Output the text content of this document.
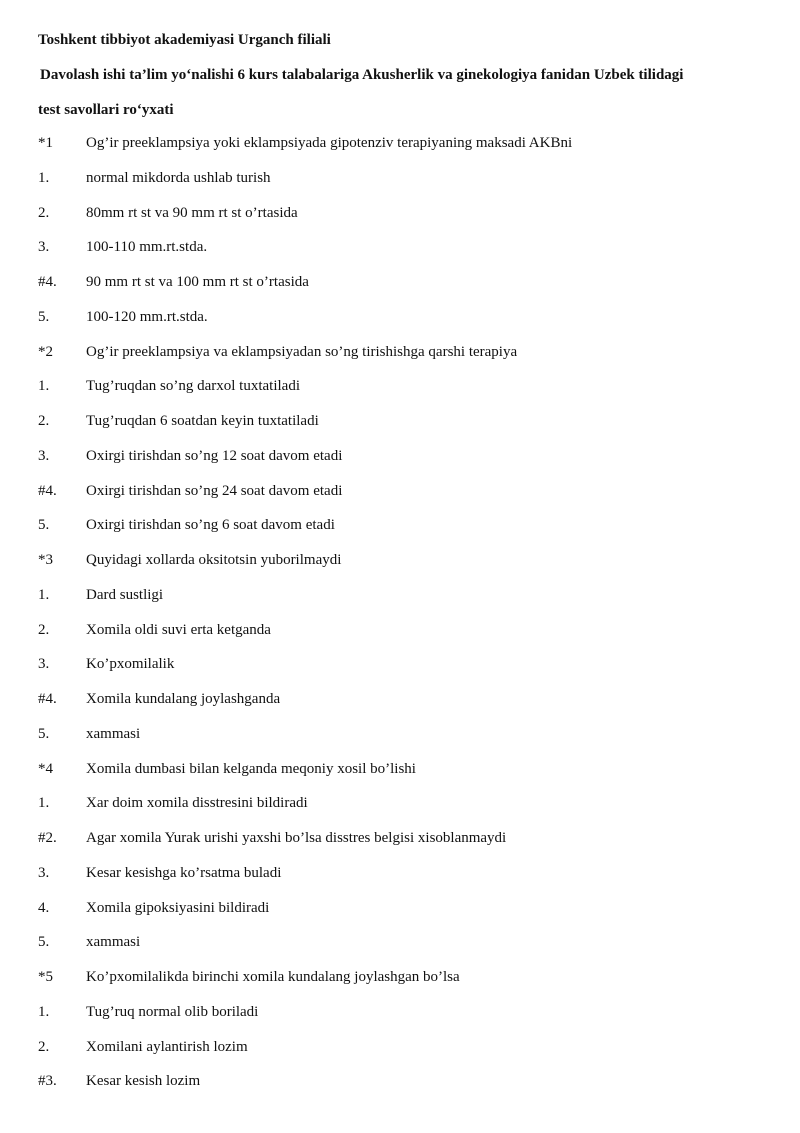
Toshkent tibbiyot akademiyasi Urganch filiali
Davolash ishi ta’lim yo‘nalishi 6 kurs talabalariga Akusherlik va ginekologiya fanidan Uzbek tilidagi
test savollari ro‘yxati
*1 Og’ir preeklampsiya yoki eklampsiyada gipotenziv terapiyaning maksadi AKBni
1. normal mikdorda ushlab turish
2. 80mm rt st va 90 mm rt st o’rtasida
3. 100-110 mm.rt.stda.
#4. 90 mm rt st va 100 mm rt st o’rtasida
5. 100-120 mm.rt.stda.
*2 Og’ir preeklampsiya va eklampsiyadan so’ng tirishishga qarshi terapiya
1. Tug’ruqdan so’ng darxol tuxtatiladi
2. Tug’ruqdan 6 soatdan keyin tuxtatiladi
3. Oxirgi tirishdan so’ng 12 soat davom etadi
#4. Oxirgi tirishdan so’ng 24 soat davom etadi
5. Oxirgi tirishdan so’ng 6 soat davom etadi
*3 Quyidagi xollarda oksitotsin yuborilmaydi
1. Dard sustligi
2. Xomila oldi suvi erta ketganda
3. Ko’pxomilalik
#4. Xomila kundalang joylashganda
5. xammasi
*4 Xomila dumbasi bilan kelganda meqoniy xosil bo’lishi
1. Xar doim xomila disstresini bildiradi
#2. Agar xomila Yurak urishi yaxshi bo’lsa disstres belgisi xisoblanmaydi
3. Kesar kesishga ko’rsatma buladi
4. Xomila gipoksiyasini bildiradi
5. xammasi
*5 Ko’pxomilalikda birinchi xomila kundalang joylashgan bo’lsa
1. Tug’ruq normal olib boriladi
2. Xomilani aylantirish lozim
#3. Kesar kesish lozim
